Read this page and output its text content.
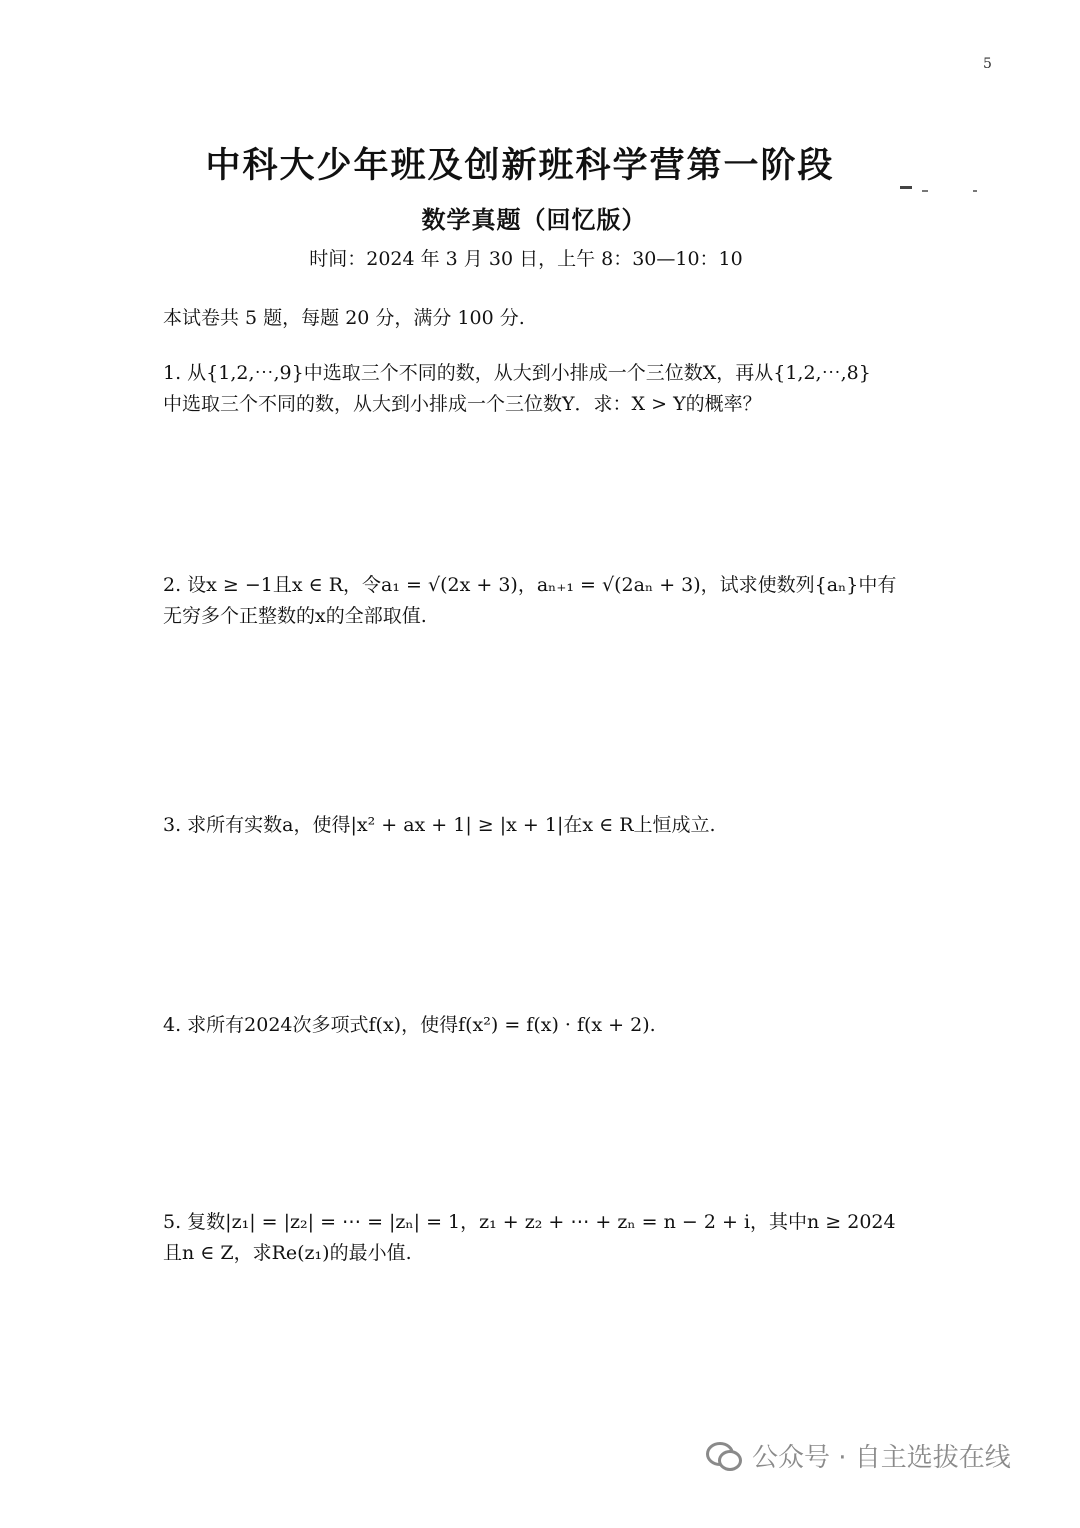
5
中科大少年班及创新班科学营第一阶段
数学真题（回忆版）
时间：2024 年 3 月 30 日，上午 8：30—10：10
本试卷共 5 题，每题 20 分，满分 100 分.
1. 从{1,2,⋯,9}中选取三个不同的数，从大到小排成一个三位数X，再从{1,2,⋯,8}
中选取三个不同的数，从大到小排成一个三位数Y．求：X > Y的概率？
2. 设x ≥ −1且x ∈ R，令a₁ = √(2x + 3)，aₙ₊₁ = √(2aₙ + 3)，试求使数列{aₙ}中有
无穷多个正整数的x的全部取值.
3. 求所有实数a，使得|x² + ax + 1| ≥ |x + 1|在x ∈ R上恒成立.
4. 求所有2024次多项式f(x)，使得f(x²) = f(x) · f(x + 2).
5. 复数|z₁| = |z₂| = ⋯ = |zₙ| = 1，z₁ + z₂ + ⋯ + zₙ = n − 2 + i，其中n ≥ 2024
且n ∈ Z，求Re(z₁)的最小值.
公众号 · 自主选拔在线
